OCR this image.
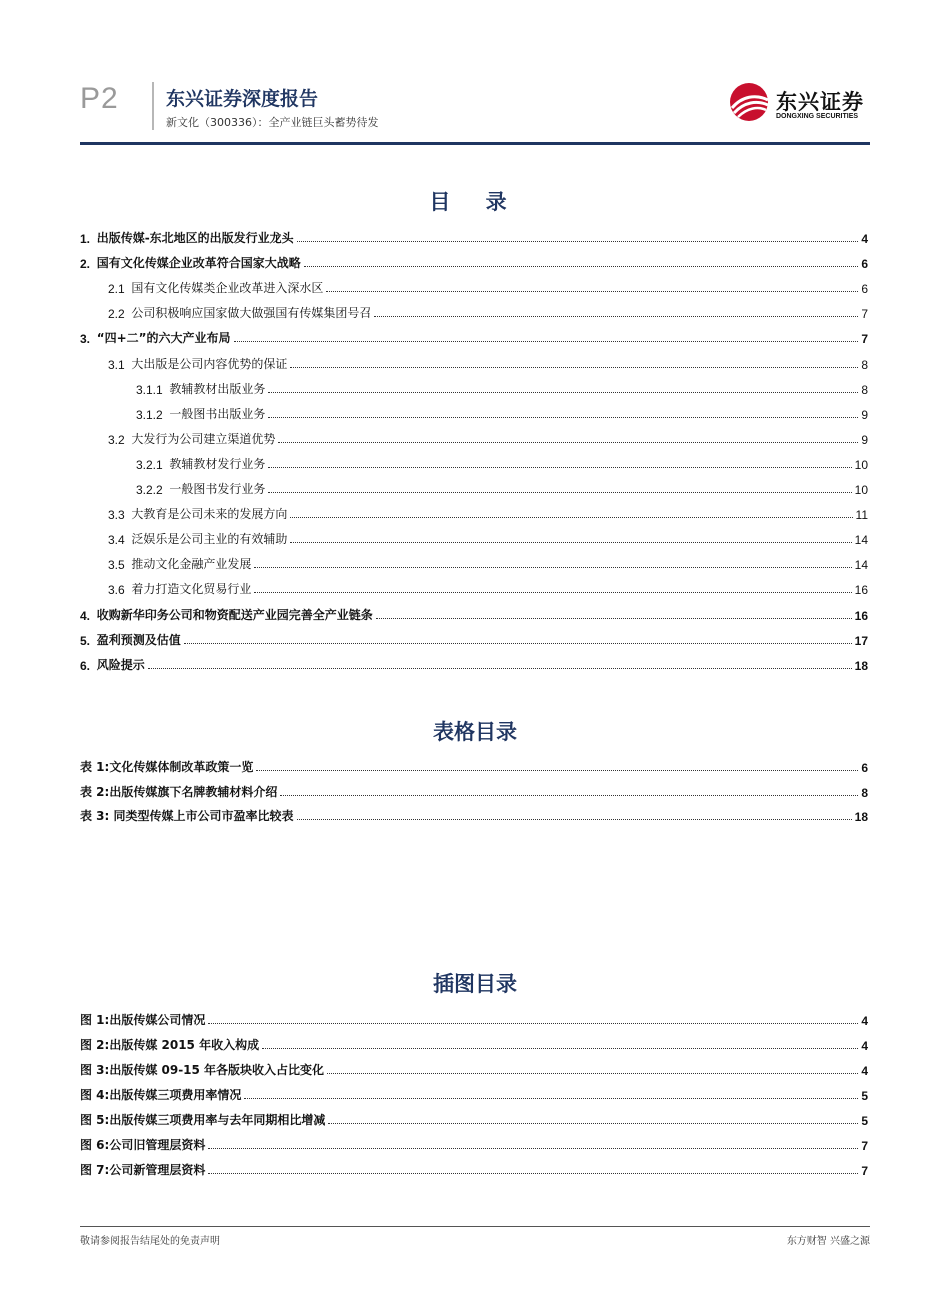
P2 东兴证券深度报告
新文化（300336）：全产业链巨头蓄势待发
东兴证券
DONGXING SECURITIES
目 录
1. 出版传媒-东北地区的出版发行业龙头	4
2. 国有文化传媒企业改革符合国家大战略	6
2.1 国有文化传媒类企业改革进入深水区	6
2.2 公司积极响应国家做大做强国有传媒集团号召	7
3. “四+二”的六大产业布局	7
3.1 大出版是公司内容优势的保证	8
3.1.1 教辅教材出版业务	8
3.1.2 一般图书出版业务	9
3.2 大发行为公司建立渠道优势	9
3.2.1 教辅教材发行业务	10
3.2.2 一般图书发行业务	10
3.3 大教育是公司未来的发展方向	11
3.4 泛娱乐是公司主业的有效辅助	14
3.5 推动文化金融产业发展	14
3.6 着力打造文化贸易行业	16
4. 收购新华印务公司和物资配送产业园完善全产业链条	16
5. 盈利预测及估值	17
6. 风险提示	18
表格目录
表 1:文化传媒体制改革政策一览	6
表 2:出版传媒旗下名牌教辅材料介绍	8
表 3: 同类型传媒上市公司市盈率比较表	18
插图目录
图 1:出版传媒公司情况	4
图 2:出版传媒 2015 年收入构成	4
图 3:出版传媒 09-15 年各版块收入占比变化	4
图 4:出版传媒三项费用率情况	5
图 5:出版传媒三项费用率与去年同期相比增减	5
图 6:公司旧管理层资料	7
图 7:公司新管理层资料	7
敬请参阅报告结尾处的免责声明	东方财智 兴盛之源
